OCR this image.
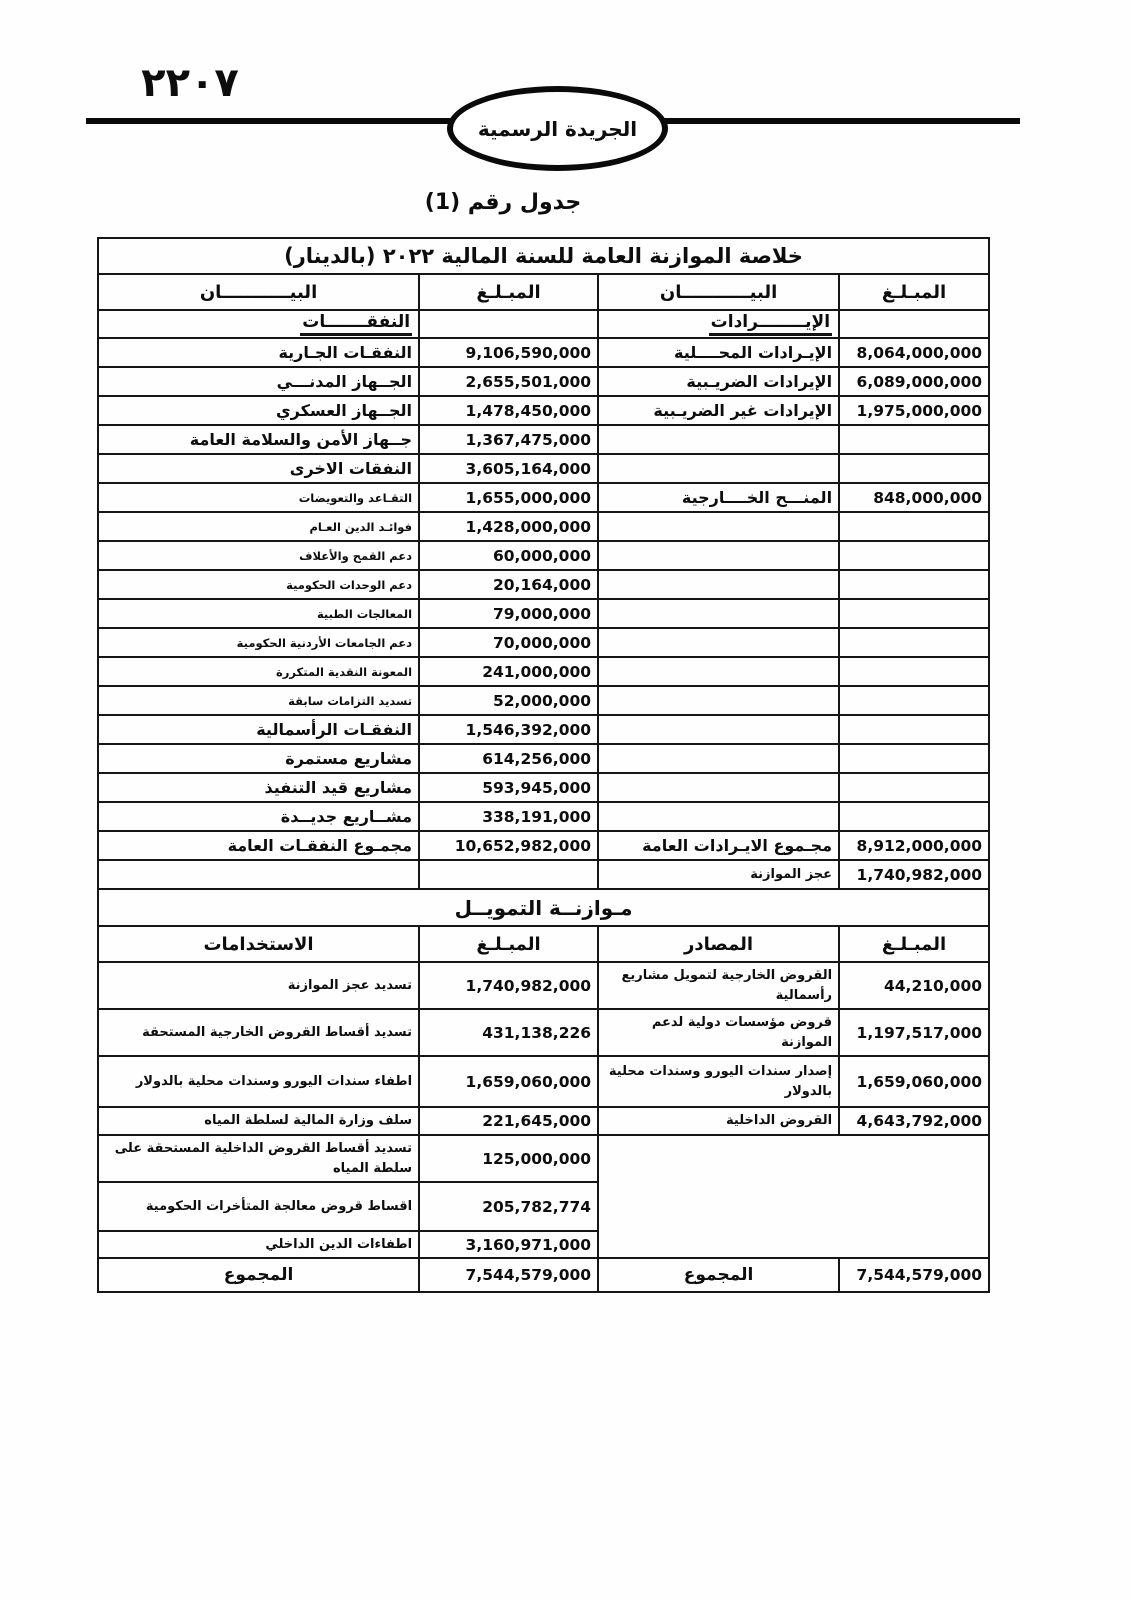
٢٢٠٧
الجريدة الرسمية
جدول رقم (1)
خلاصة الموازنة العامة للسنة المالية ٢٠٢٢ (بالدينار)			
المبـلـغ	البيـــــــــــان	المبـلـغ	البيـــــــــــان
	الإيــــــــرادات		النفقـــــــات
8,064,000,000	الإيـرادات المحــــلية	9,106,590,000	النفقـات الجـارية
6,089,000,000	الإيرادات الضريـبية	2,655,501,000	الجــهاز المدنـــي
1,975,000,000	الإيرادات غير الضريـبية	1,478,450,000	الجــهاز العسكري
		1,367,475,000	جــهاز الأمن والسلامة العامة
		3,605,164,000	النفقات الاخرى
848,000,000	المنـــح الخــــارجية	1,655,000,000	التقـاعد والتعويضات
		1,428,000,000	فوائـد الدين العـام
		60,000,000	دعم القمح والأعلاف
		20,164,000	دعم الوحدات الحكومية
		79,000,000	المعالجات الطبية
		70,000,000	دعم الجامعات الأردنية الحكومية
		241,000,000	المعونة النقدية المتكررة
		52,000,000	تسديد التزامات سابقة
		1,546,392,000	النفقـات الرأسمالية
		614,256,000	مشاريع مستمرة
		593,945,000	مشاريع قيد التنفيذ
		338,191,000	مشــاريع جديــدة
8,912,000,000	مجـموع الايـرادات العامة	10,652,982,000	مجمـوع النفقـات العامة
1,740,982,000	عجز الموازنة		
مـوازنــة التمويــل			
المبـلـغ	المصادر	المبـلـغ	الاستخدامات
44,210,000	القروض الخارجية لتمويل مشاريع رأسمالية	1,740,982,000	تسديد عجز الموازنة
1,197,517,000	قروض مؤسسات دولية لدعم الموازنة	431,138,226	تسديد أقساط القروض الخارجية المستحقة
1,659,060,000	إصدار سندات اليورو وسندات محلية بالدولار	1,659,060,000	اطفاء سندات اليورو وسندات محلية بالدولار
4,643,792,000	القروض الداخلية	221,645,000	سلف وزارة المالية لسلطة المياه
		125,000,000	تسديد أقساط القروض الداخلية المستحقة على سلطة المياه
		205,782,774	اقساط قروض معالجة المتأخرات الحكومية
		3,160,971,000	اطفاءات الدين الداخلي
7,544,579,000	المجموع	7,544,579,000	المجموع
